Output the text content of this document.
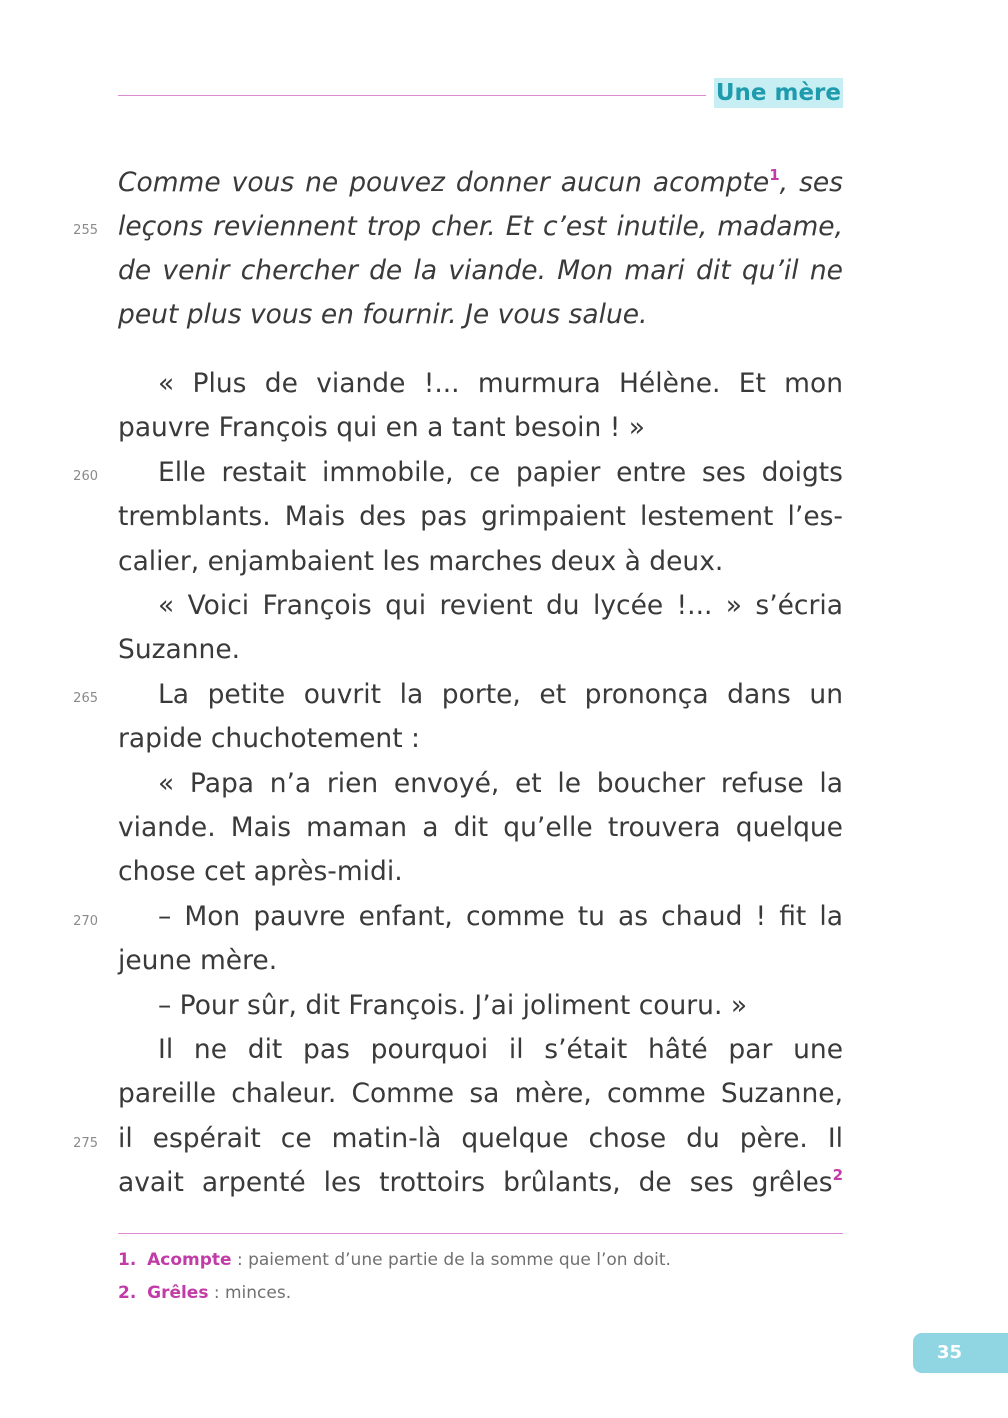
Une mère
Comme vous ne pouvez donner aucun acompte$^1$, ses
leçons reviennent trop cher. Et c’est inutile, madame,
de venir chercher de la viande. Mon mari dit qu’il ne
peut plus vous en fournir. Je vous salue.
« Plus de viande !... murmura Hélène. Et mon
pauvre François qui en a tant besoin ! »
Elle restait immobile, ce papier entre ses doigts
tremblants. Mais des pas grimpaient lestement l’es-
calier, enjambaient les marches deux à deux.
« Voici François qui revient du lycée !... » s’écria
Suzanne.
La petite ouvrit la porte, et prononça dans un
rapide chuchotement :
« Papa n’a rien envoyé, et le boucher refuse la
viande. Mais maman a dit qu’elle trouvera quelque
chose cet après-midi.
– Mon pauvre enfant, comme tu as chaud ! fit la
jeune mère.
– Pour sûr, dit François. J’ai joliment couru. »
Il ne dit pas pourquoi il s’était hâté par une
pareille chaleur. Comme sa mère, comme Suzanne,
il espérait ce matin-là quelque chose du père. Il
avait arpenté les trottoirs brûlants, de ses grêles$^2$
255
260
265
270
275
1. Acompte : paiement d’une partie de la somme que l’on doit.
2. Grêles : minces.
35
